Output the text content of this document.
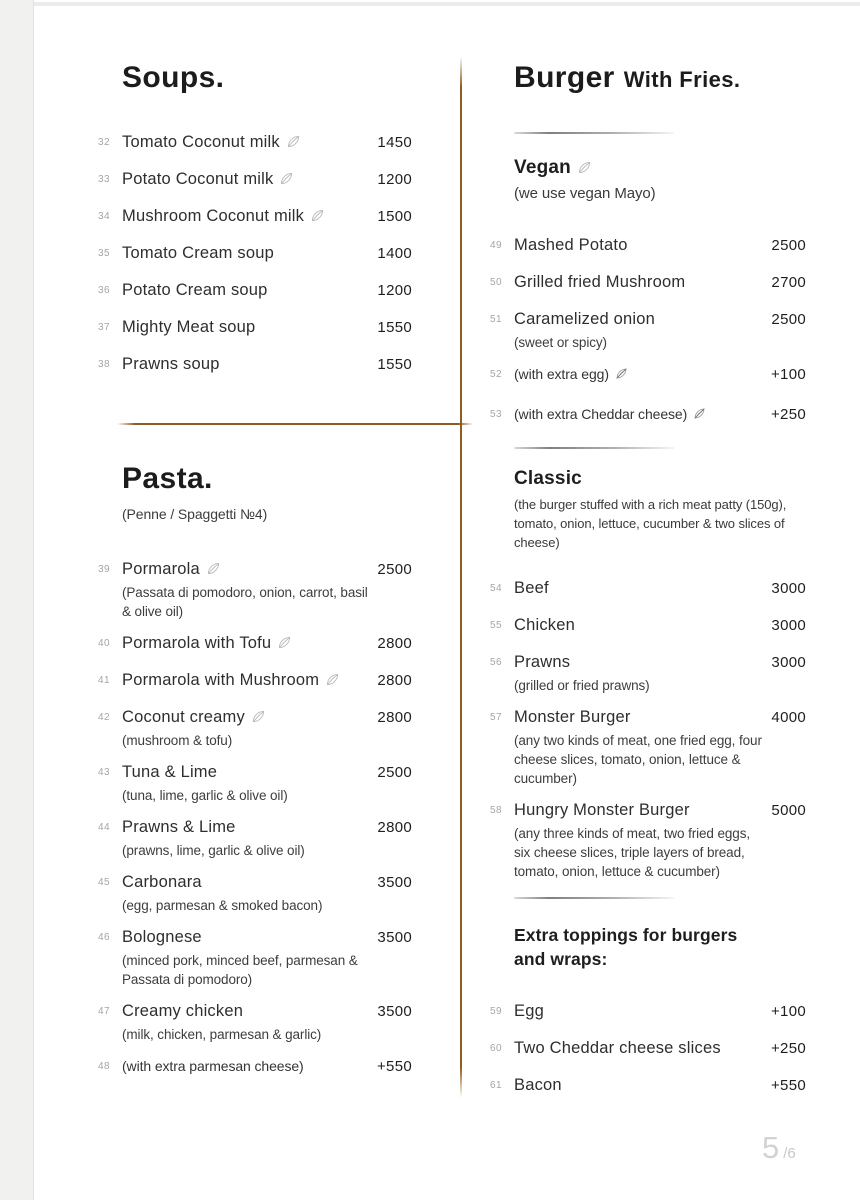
Soups.
32 Tomato Coconut milk	1450
33 Potato Coconut milk	1200
34 Mushroom Coconut milk	1500
35 Tomato Cream soup	1400
36 Potato Cream soup	1200
37 Mighty Meat soup	1550
38 Prawns soup	1550
Pasta.
(Penne / Spaggetti №4)
39 Pormarola	2500
(Passata di pomodoro, onion, carrot, basil & olive oil)
40 Pormarola with Tofu	2800
41 Pormarola with Mushroom	2800
42 Coconut creamy	2800
(mushroom & tofu)
43 Tuna & Lime	2500
(tuna, lime, garlic & olive oil)
44 Prawns & Lime	2800
(prawns, lime, garlic & olive oil)
45 Carbonara	3500
(egg, parmesan & smoked bacon)
46 Bolognese	3500
(minced pork, minced beef, parmesan & Passata di pomodoro)
47 Creamy chicken	3500
(milk, chicken, parmesan & garlic)
48 (with extra parmesan cheese)	+550
Burger With Fries.
Vegan
(we use vegan Mayo)
49 Mashed Potato	2500
50 Grilled fried Mushroom	2700
51 Caramelized onion	2500
(sweet or spicy)
52 (with extra egg)	+100
53 (with extra Cheddar cheese)	+250
Classic
(the burger stuffed with a rich meat patty (150g), tomato, onion, lettuce, cucumber & two slices of cheese)
54 Beef	3000
55 Chicken	3000
56 Prawns	3000
(grilled or fried prawns)
57 Monster Burger	4000
(any two kinds of meat, one fried egg, four cheese slices, tomato, onion, lettuce & cucumber)
58 Hungry Monster Burger	5000
(any three kinds of meat, two fried eggs, six cheese slices, triple layers of bread, tomato, onion, lettuce & cucumber)
Extra toppings for burgers and wraps:
59 Egg	+100
60 Two Cheddar cheese slices	+250
61 Bacon	+550
5 /6
